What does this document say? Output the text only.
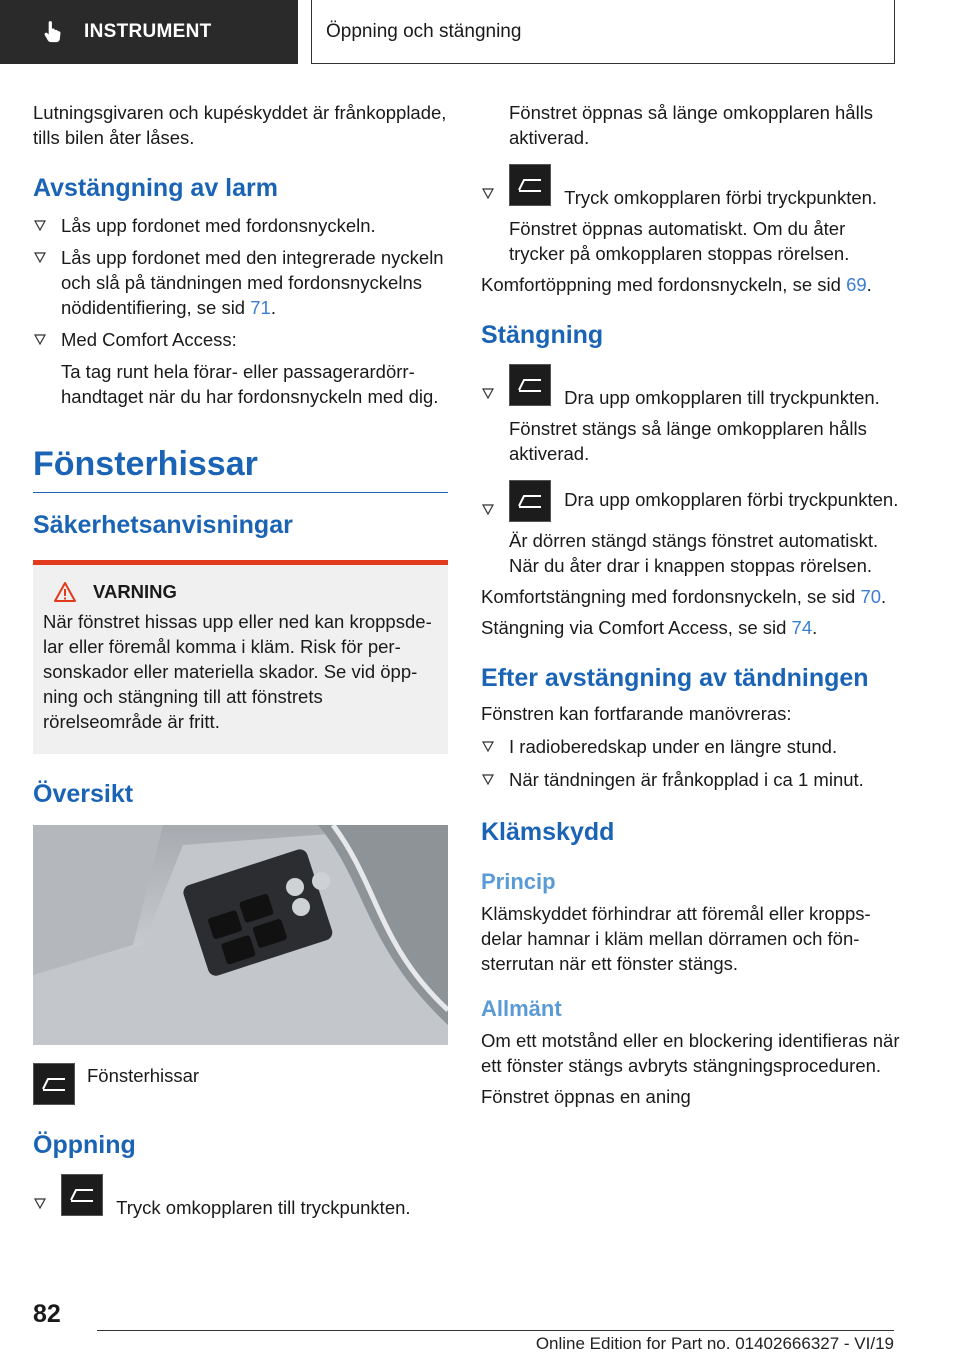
INSTRUMENT	Öppning och stängning

Lutningsgivaren och kupéskyddet är frånkopplade, tills bilen åter låses.

Avstängning av larm
Lås upp fordonet med fordonsnyckeln.
Lås upp fordonet med den integrerade nyckeln och slå på tändningen med fordonsnyckelns nödidentifiering, se sid 71.
Med Comfort Access:

Ta tag runt hela förar- eller passagerardörrhandtaget när du har fordonsnyckeln med dig.

Fönsterhissar
Säkerhetsanvisningar
VARNING

När fönstret hissas upp eller ned kan kroppsdelar eller föremål komma i kläm. Risk för personskador eller materiella skador. Se vid öppning och stängning till att fönstrets rörelseområde är fritt.

Översikt
Fönsterhissar
Öppning
Tryck omkopplaren till tryckpunkten.

Fönstret öppnas så länge omkopplaren hålls aktiverad.

Tryck omkopplaren förbi tryckpunkten.

Fönstret öppnas automatiskt. Om du åter trycker på omkopplaren stoppas rörelsen.

Komfortöppning med fordonsnyckeln, se sid 69.

Stängning
Dra upp omkopplaren till tryckpunkten.

Fönstret stängs så länge omkopplaren hålls aktiverad.

Dra upp omkopplaren förbi tryckpunkten.

Är dörren stängd stängs fönstret automatiskt. När du åter drar i knappen stoppas rörelsen.

Komfortstängning med fordonsnyckeln, se sid 70.

Stängning via Comfort Access, se sid 74.

Efter avstängning av tändningen

Fönstren kan fortfarande manövreras:

I radioberedskap under en längre stund.
När tändningen är frånkopplad i ca 1 minut.
Klämskydd
Princip

Klämskyddet förhindrar att föremål eller kroppsdelar hamnar i kläm mellan dörramen och fönsterrutan när ett fönster stängs.

Allmänt

Om ett motstånd eller en blockering identifieras när ett fönster stängs avbryts stängningsproceduren.

Fönstret öppnas en aning

82
Online Edition for Part no. 01402666327 - VI/19
